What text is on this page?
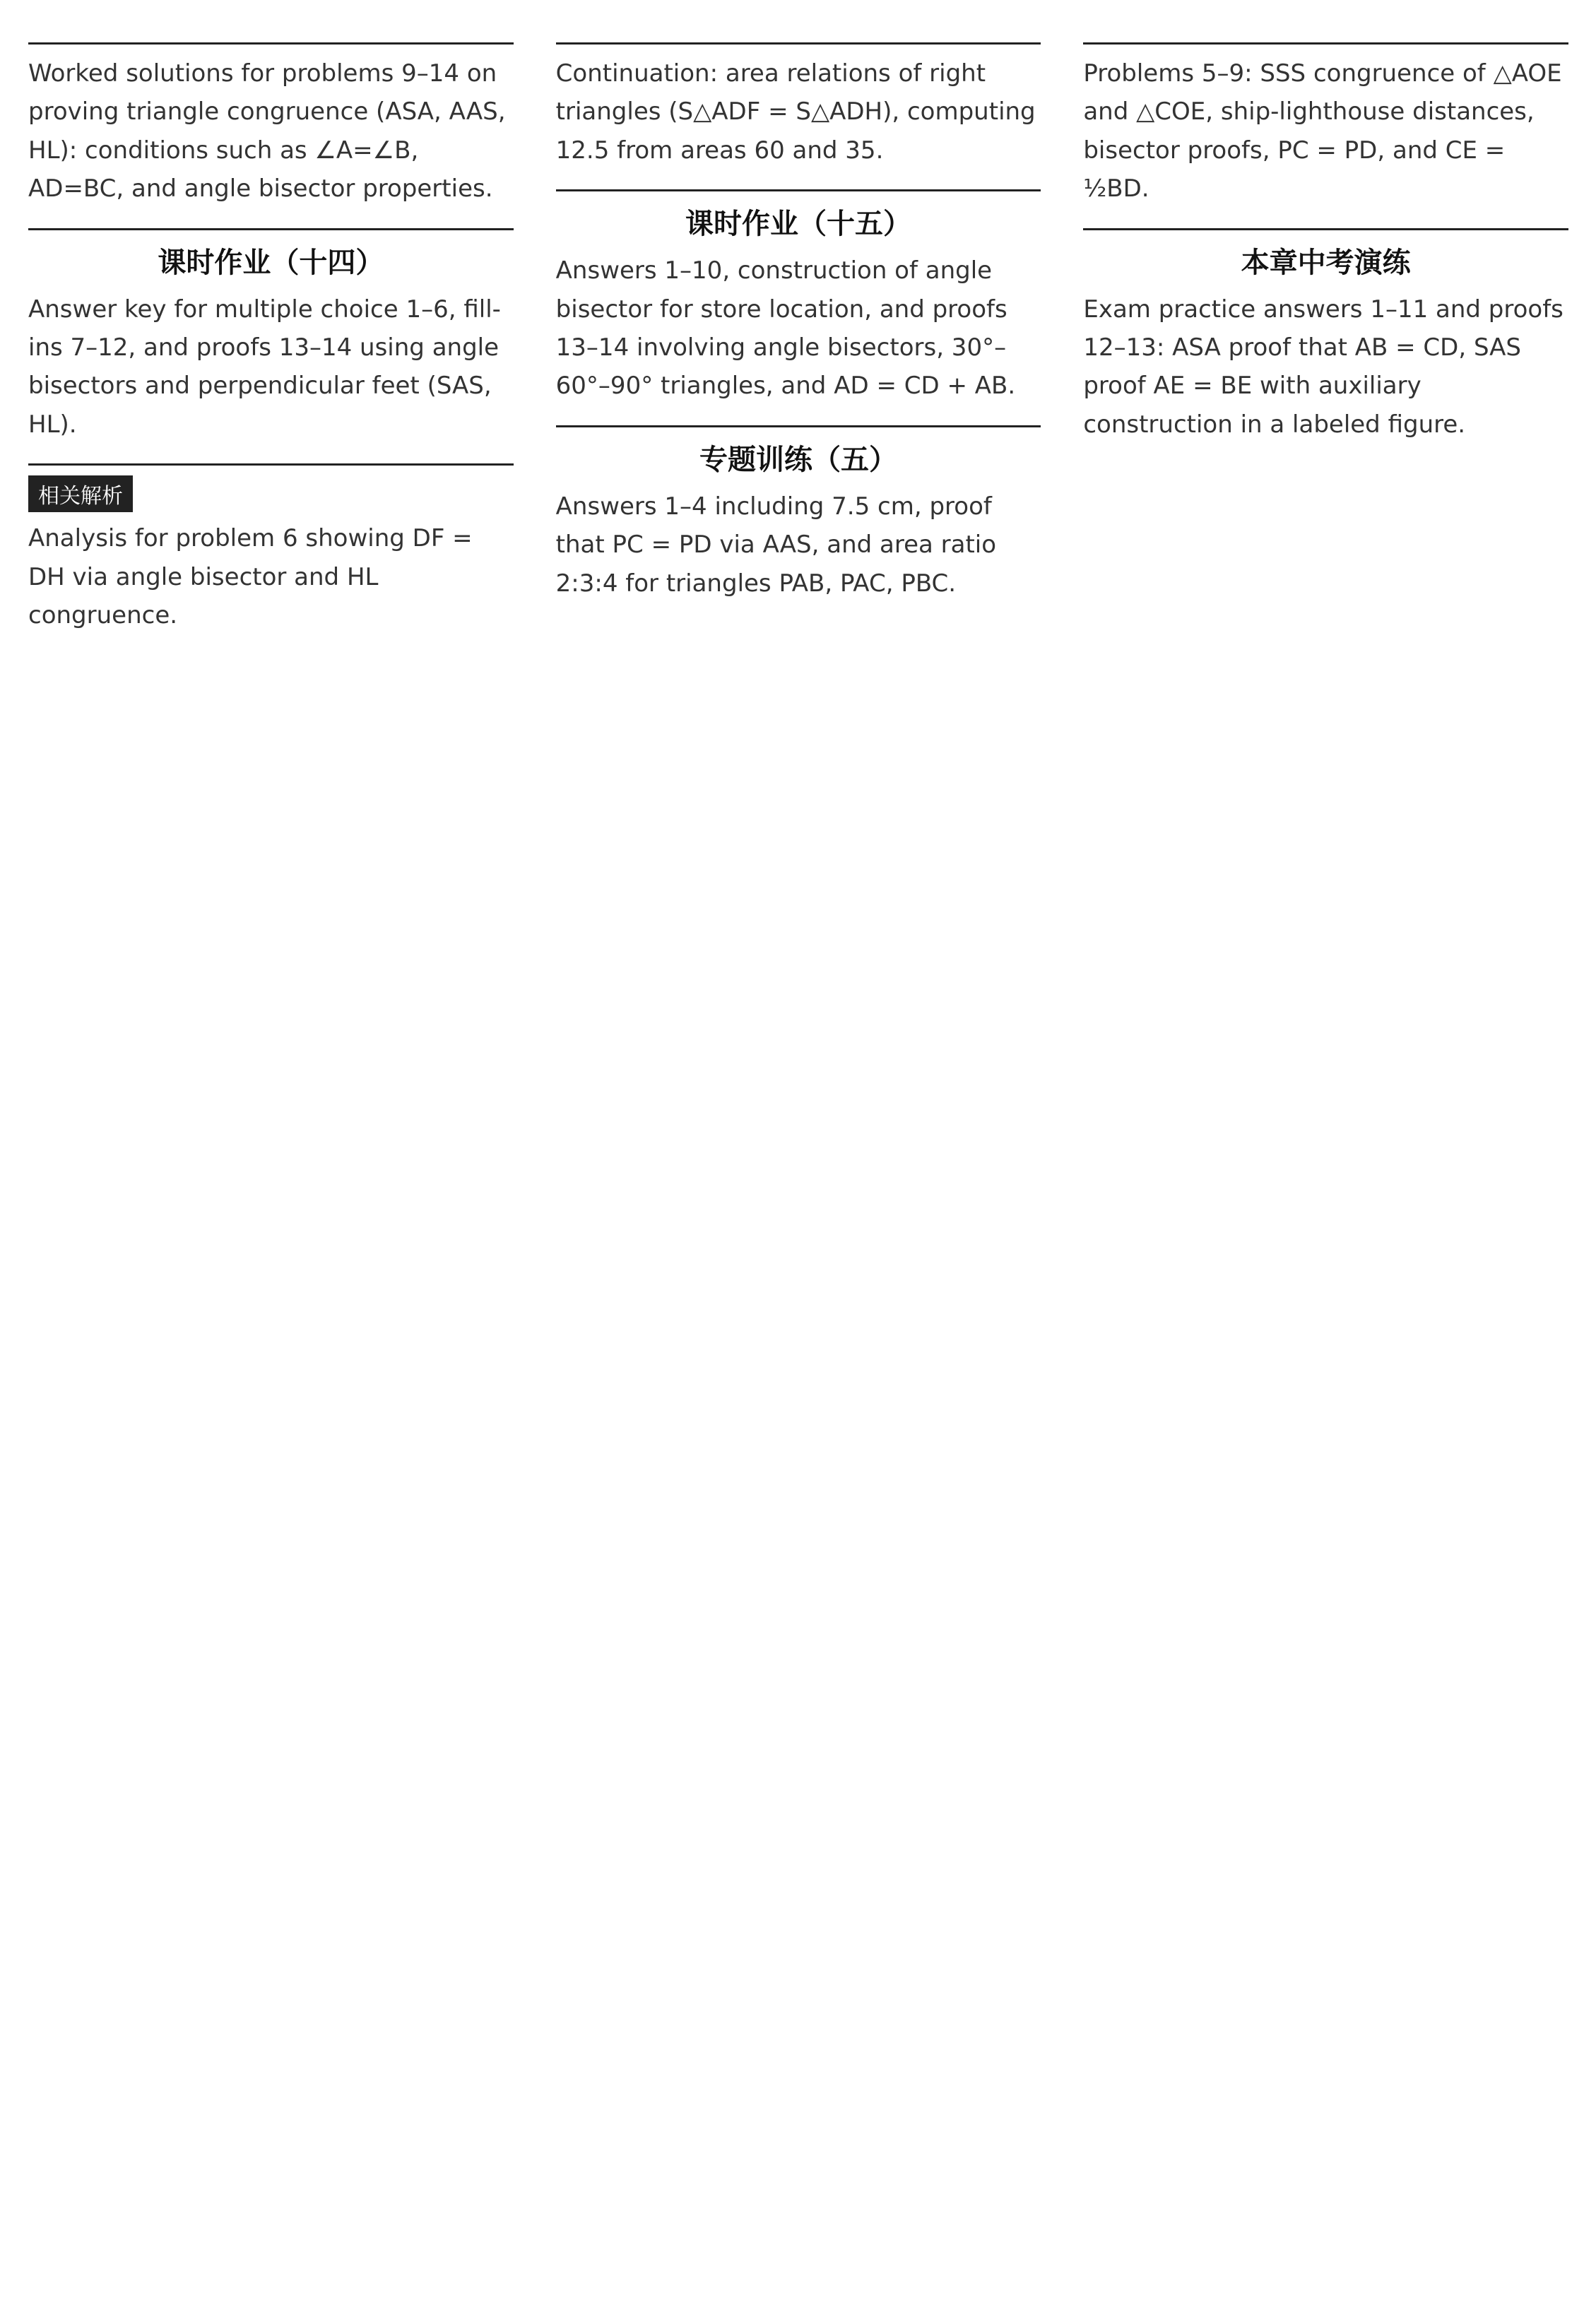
Worked solutions for problems 9–14 on proving triangle congruence (ASA, AAS, HL): conditions such as ∠A=∠B, AD=BC, and angle bisector properties.

课时作业（十四）

Answer key for multiple choice 1–6, fill-ins 7–12, and proofs 13–14 using angle bisectors and perpendicular feet (SAS, HL).

相关解析

Analysis for problem 6 showing DF = DH via angle bisector and HL congruence.

Continuation: area relations of right triangles (S△ADF = S△ADH), computing 12.5 from areas 60 and 35.

课时作业（十五）

Answers 1–10, construction of angle bisector for store location, and proofs 13–14 involving angle bisectors, 30°–60°–90° triangles, and AD = CD + AB.

专题训练（五）

Answers 1–4 including 7.5 cm, proof that PC = PD via AAS, and area ratio 2:3:4 for triangles PAB, PAC, PBC.

Problems 5–9: SSS congruence of △AOE and △COE, ship-lighthouse distances, bisector proofs, PC = PD, and CE = ½BD.

本章中考演练

Exam practice answers 1–11 and proofs 12–13: ASA proof that AB = CD, SAS proof AE = BE with auxiliary construction in a labeled figure.
